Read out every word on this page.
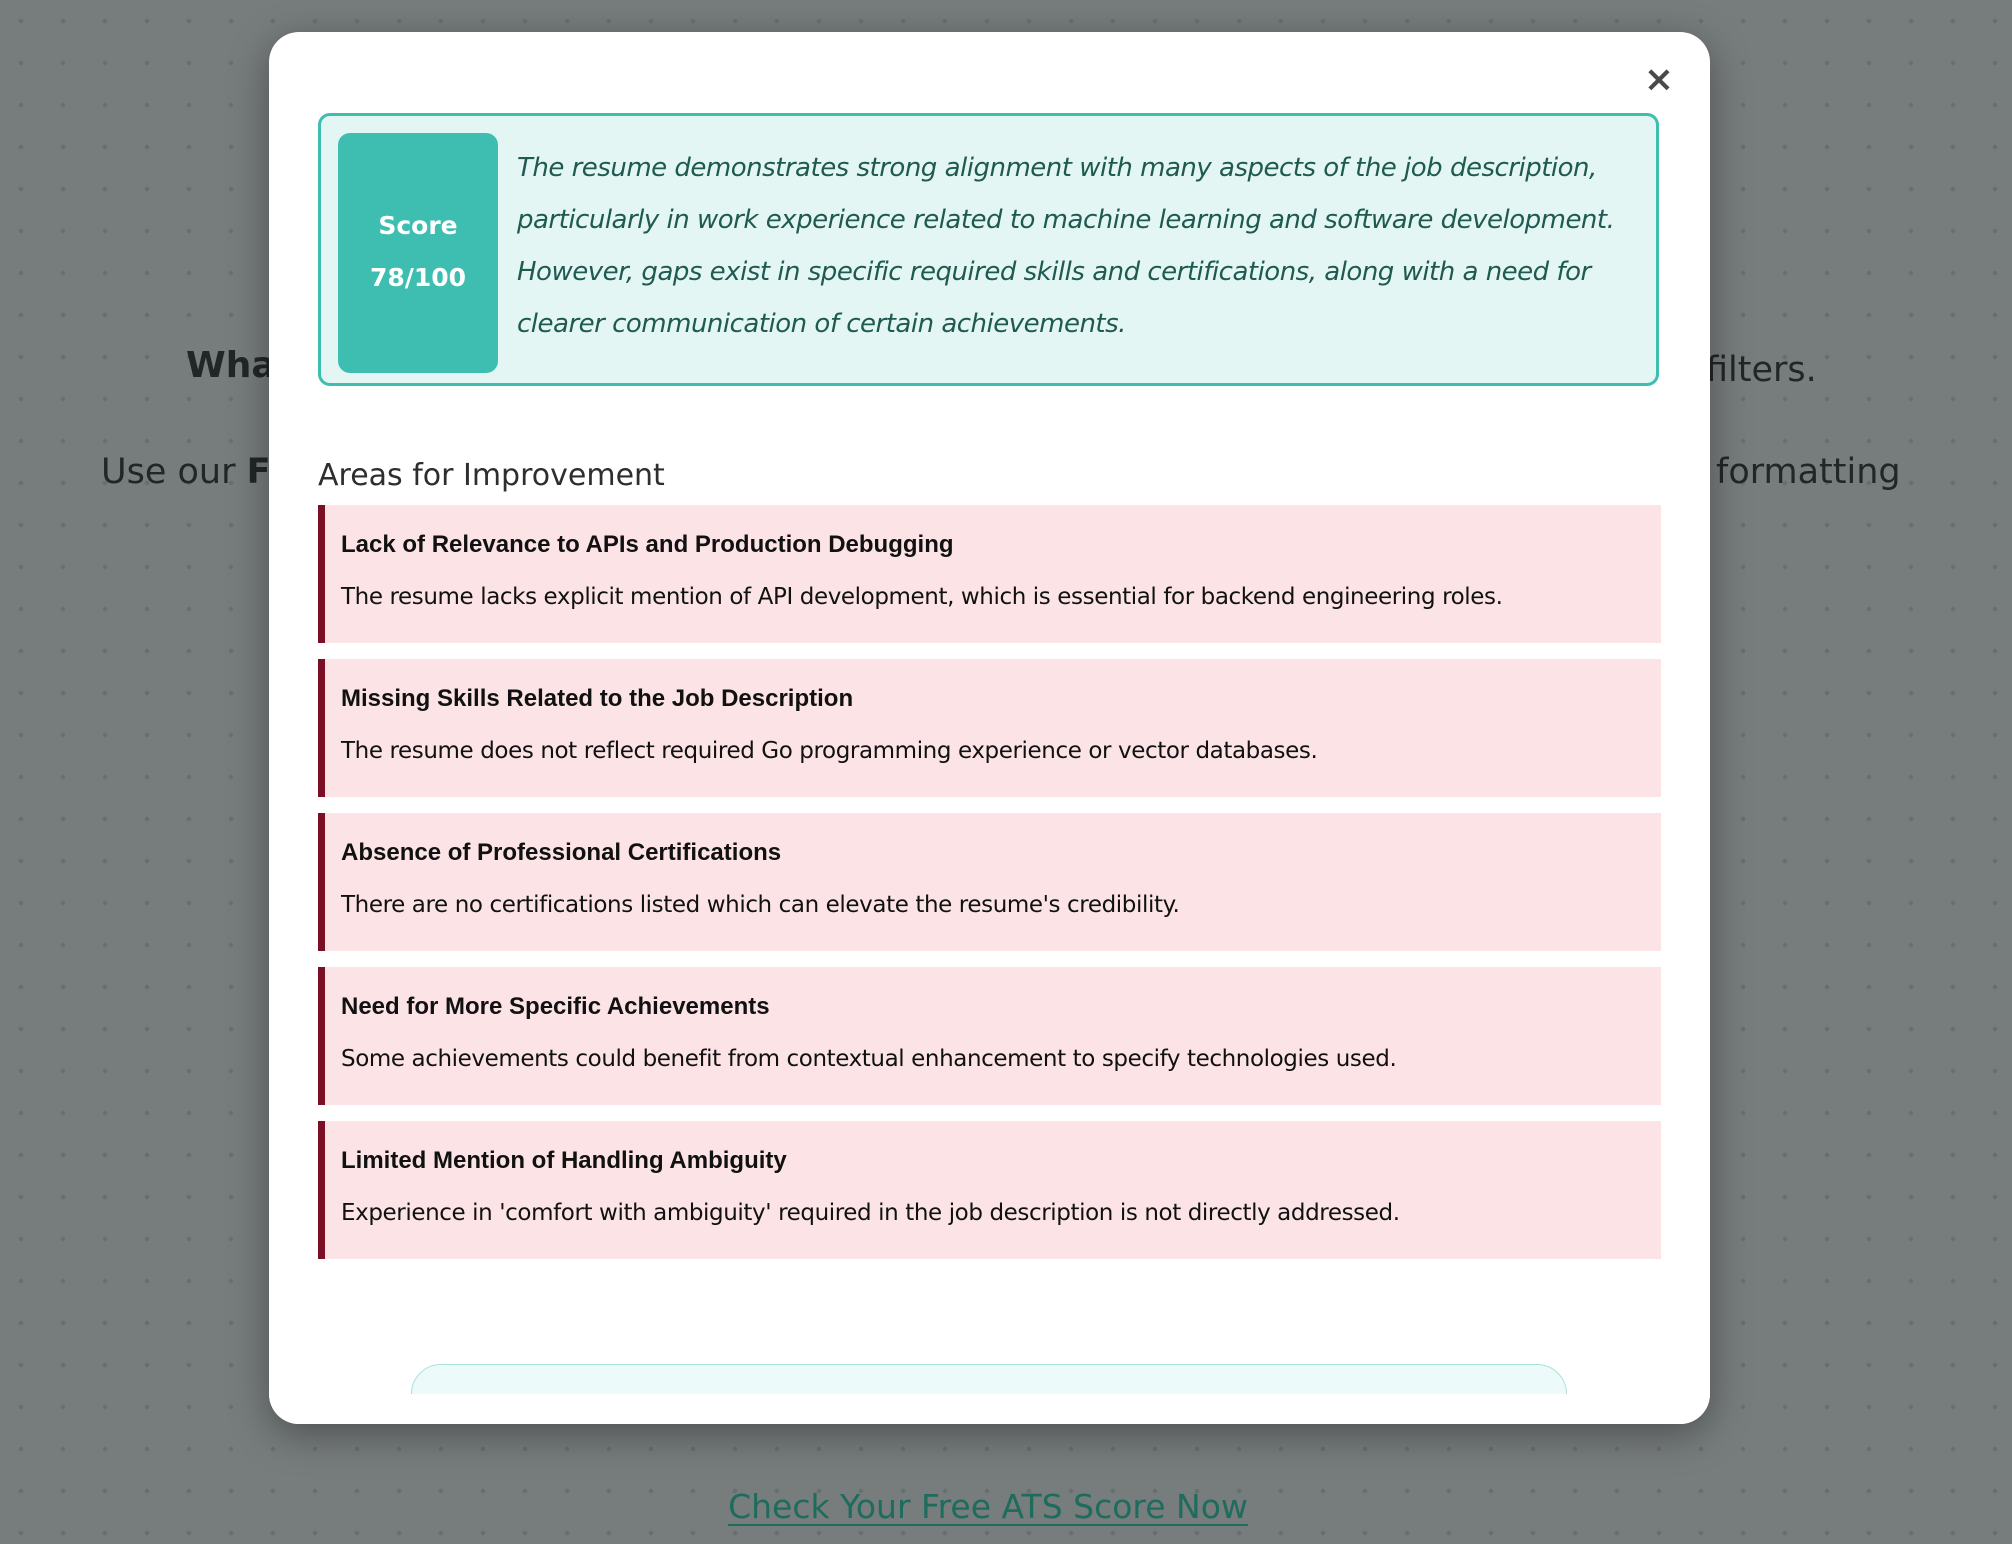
Check Your Free ATS Score Now
×
Score
78/100
The resume demonstrates strong alignment with many aspects of the job description, particularly in work experience related to machine learning and software development. However, gaps exist in specific required skills and certifications, along with a need for clearer communication of certain achievements.
Areas for Improvement
Lack of Relevance to APIs and Production Debugging
The resume lacks explicit mention of API development, which is essential for backend engineering roles.
Missing Skills Related to the Job Description
The resume does not reflect required Go programming experience or vector databases.
Absence of Professional Certifications
There are no certifications listed which can elevate the resume's credibility.
Need for More Specific Achievements
Some achievements could benefit from contextual enhancement to specify technologies used.
Limited Mention of Handling Ambiguity
Experience in 'comfort with ambiguity' required in the job description is not directly addressed.
